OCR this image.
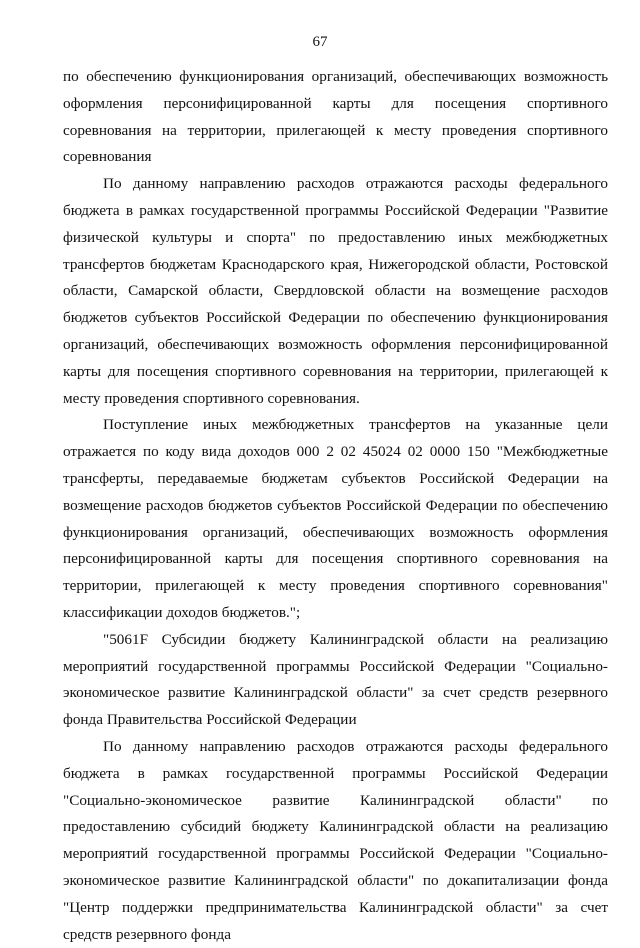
67

по обеспечению функционирования организаций, обеспечивающих возможность оформления персонифицированной карты для посещения спортивного соревнования на территории, прилегающей к месту проведения спортивного соревнования

По данному направлению расходов отражаются расходы федерального бюджета в рамках государственной программы Российской Федерации "Развитие физической культуры и спорта" по предоставлению иных межбюджетных трансфертов бюджетам Краснодарского края, Нижегородской области, Ростовской области, Самарской области, Свердловской области на возмещение расходов бюджетов субъектов Российской Федерации по обеспечению функционирования организаций, обеспечивающих возможность оформления персонифицированной карты для посещения спортивного соревнования на территории, прилегающей к месту проведения спортивного соревнования.

Поступление иных межбюджетных трансфертов на указанные цели отражается по коду вида доходов 000 2 02 45024 02 0000 150 "Межбюджетные трансферты, передаваемые бюджетам субъектов Российской Федерации на возмещение расходов бюджетов субъектов Российской Федерации по обеспечению функционирования организаций, обеспечивающих возможность оформления персонифицированной карты для посещения спортивного соревнования на территории, прилегающей к месту проведения спортивного соревнования" классификации доходов бюджетов.";

"5061F Субсидии бюджету Калининградской области на реализацию мероприятий государственной программы Российской Федерации "Социально-экономическое развитие Калининградской области" за счет средств резервного фонда Правительства Российской Федерации

По данному направлению расходов отражаются расходы федерального бюджета в рамках государственной программы Российской Федерации "Социально-экономическое развитие Калининградской области" по предоставлению субсидий бюджету Калининградской области на реализацию мероприятий государственной программы Российской Федерации "Социально-экономическое развитие Калининградской области" по докапитализации фонда "Центр поддержки предпринимательства Калининградской области" за счет средств резервного фонда
